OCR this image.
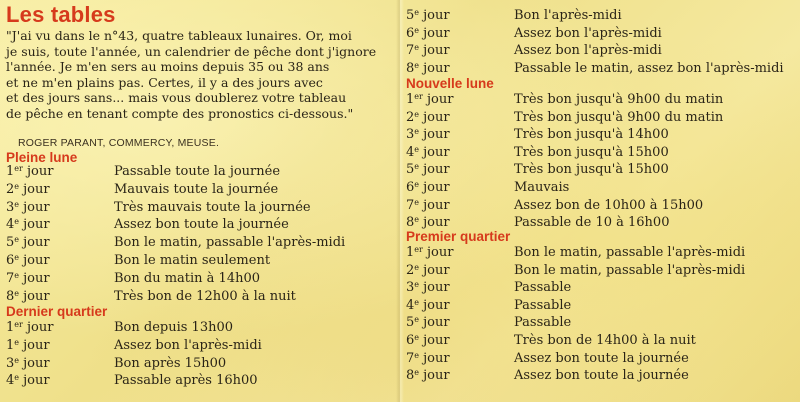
Les tables
"J'ai vu dans le n°43, quatre tableaux lunaires. Or, moi
je suis, toute l'année, un calendrier de pêche dont j'ignore
l'année. Je m'en sers au moins depuis 35 ou 38 ans
et ne m'en plains pas. Certes, il y a des jours avec
et des jours sans... mais vous doublerez votre tableau
de pêche en tenant compte des pronostics ci-dessous."
ROGER PARANT, COMMERCY, MEUSE.
Pleine lune
1er jour	Passable toute la journée
2e jour	Mauvais toute la journée
3e jour	Très mauvais toute la journée
4e jour	Assez bon toute la journée
5e jour	Bon le matin, passable l'après-midi
6e jour	Bon le matin seulement
7e jour	Bon du matin à 14h00
8e jour	Très bon de 12h00 à la nuit
Dernier quartier
1er jour	Bon depuis 13h00
1e jour	Assez bon l'après-midi
3e jour	Bon après 15h00
4e jour	Passable après 16h00
5e jour	Bon l'après-midi
6e jour	Assez bon l'après-midi
7e jour	Assez bon l'après-midi
8e jour	Passable le matin, assez bon l'après-midi
Nouvelle lune
1er jour	Très bon jusqu'à 9h00 du matin
2e jour	Très bon jusqu'à 9h00 du matin
3e jour	Très bon jusqu'à 14h00
4e jour	Très bon jusqu'à 15h00
5e jour	Très bon jusqu'à 15h00
6e jour	Mauvais
7e jour	Assez bon de 10h00 à 15h00
8e jour	Passable de 10 à 16h00
Premier quartier
1er jour	Bon le matin, passable l'après-midi
2e jour	Bon le matin, passable l'après-midi
3e jour	Passable
4e jour	Passable
5e jour	Passable
6e jour	Très bon de 14h00 à la nuit
7e jour	Assez bon toute la journée
8e jour	Assez bon toute la journée
